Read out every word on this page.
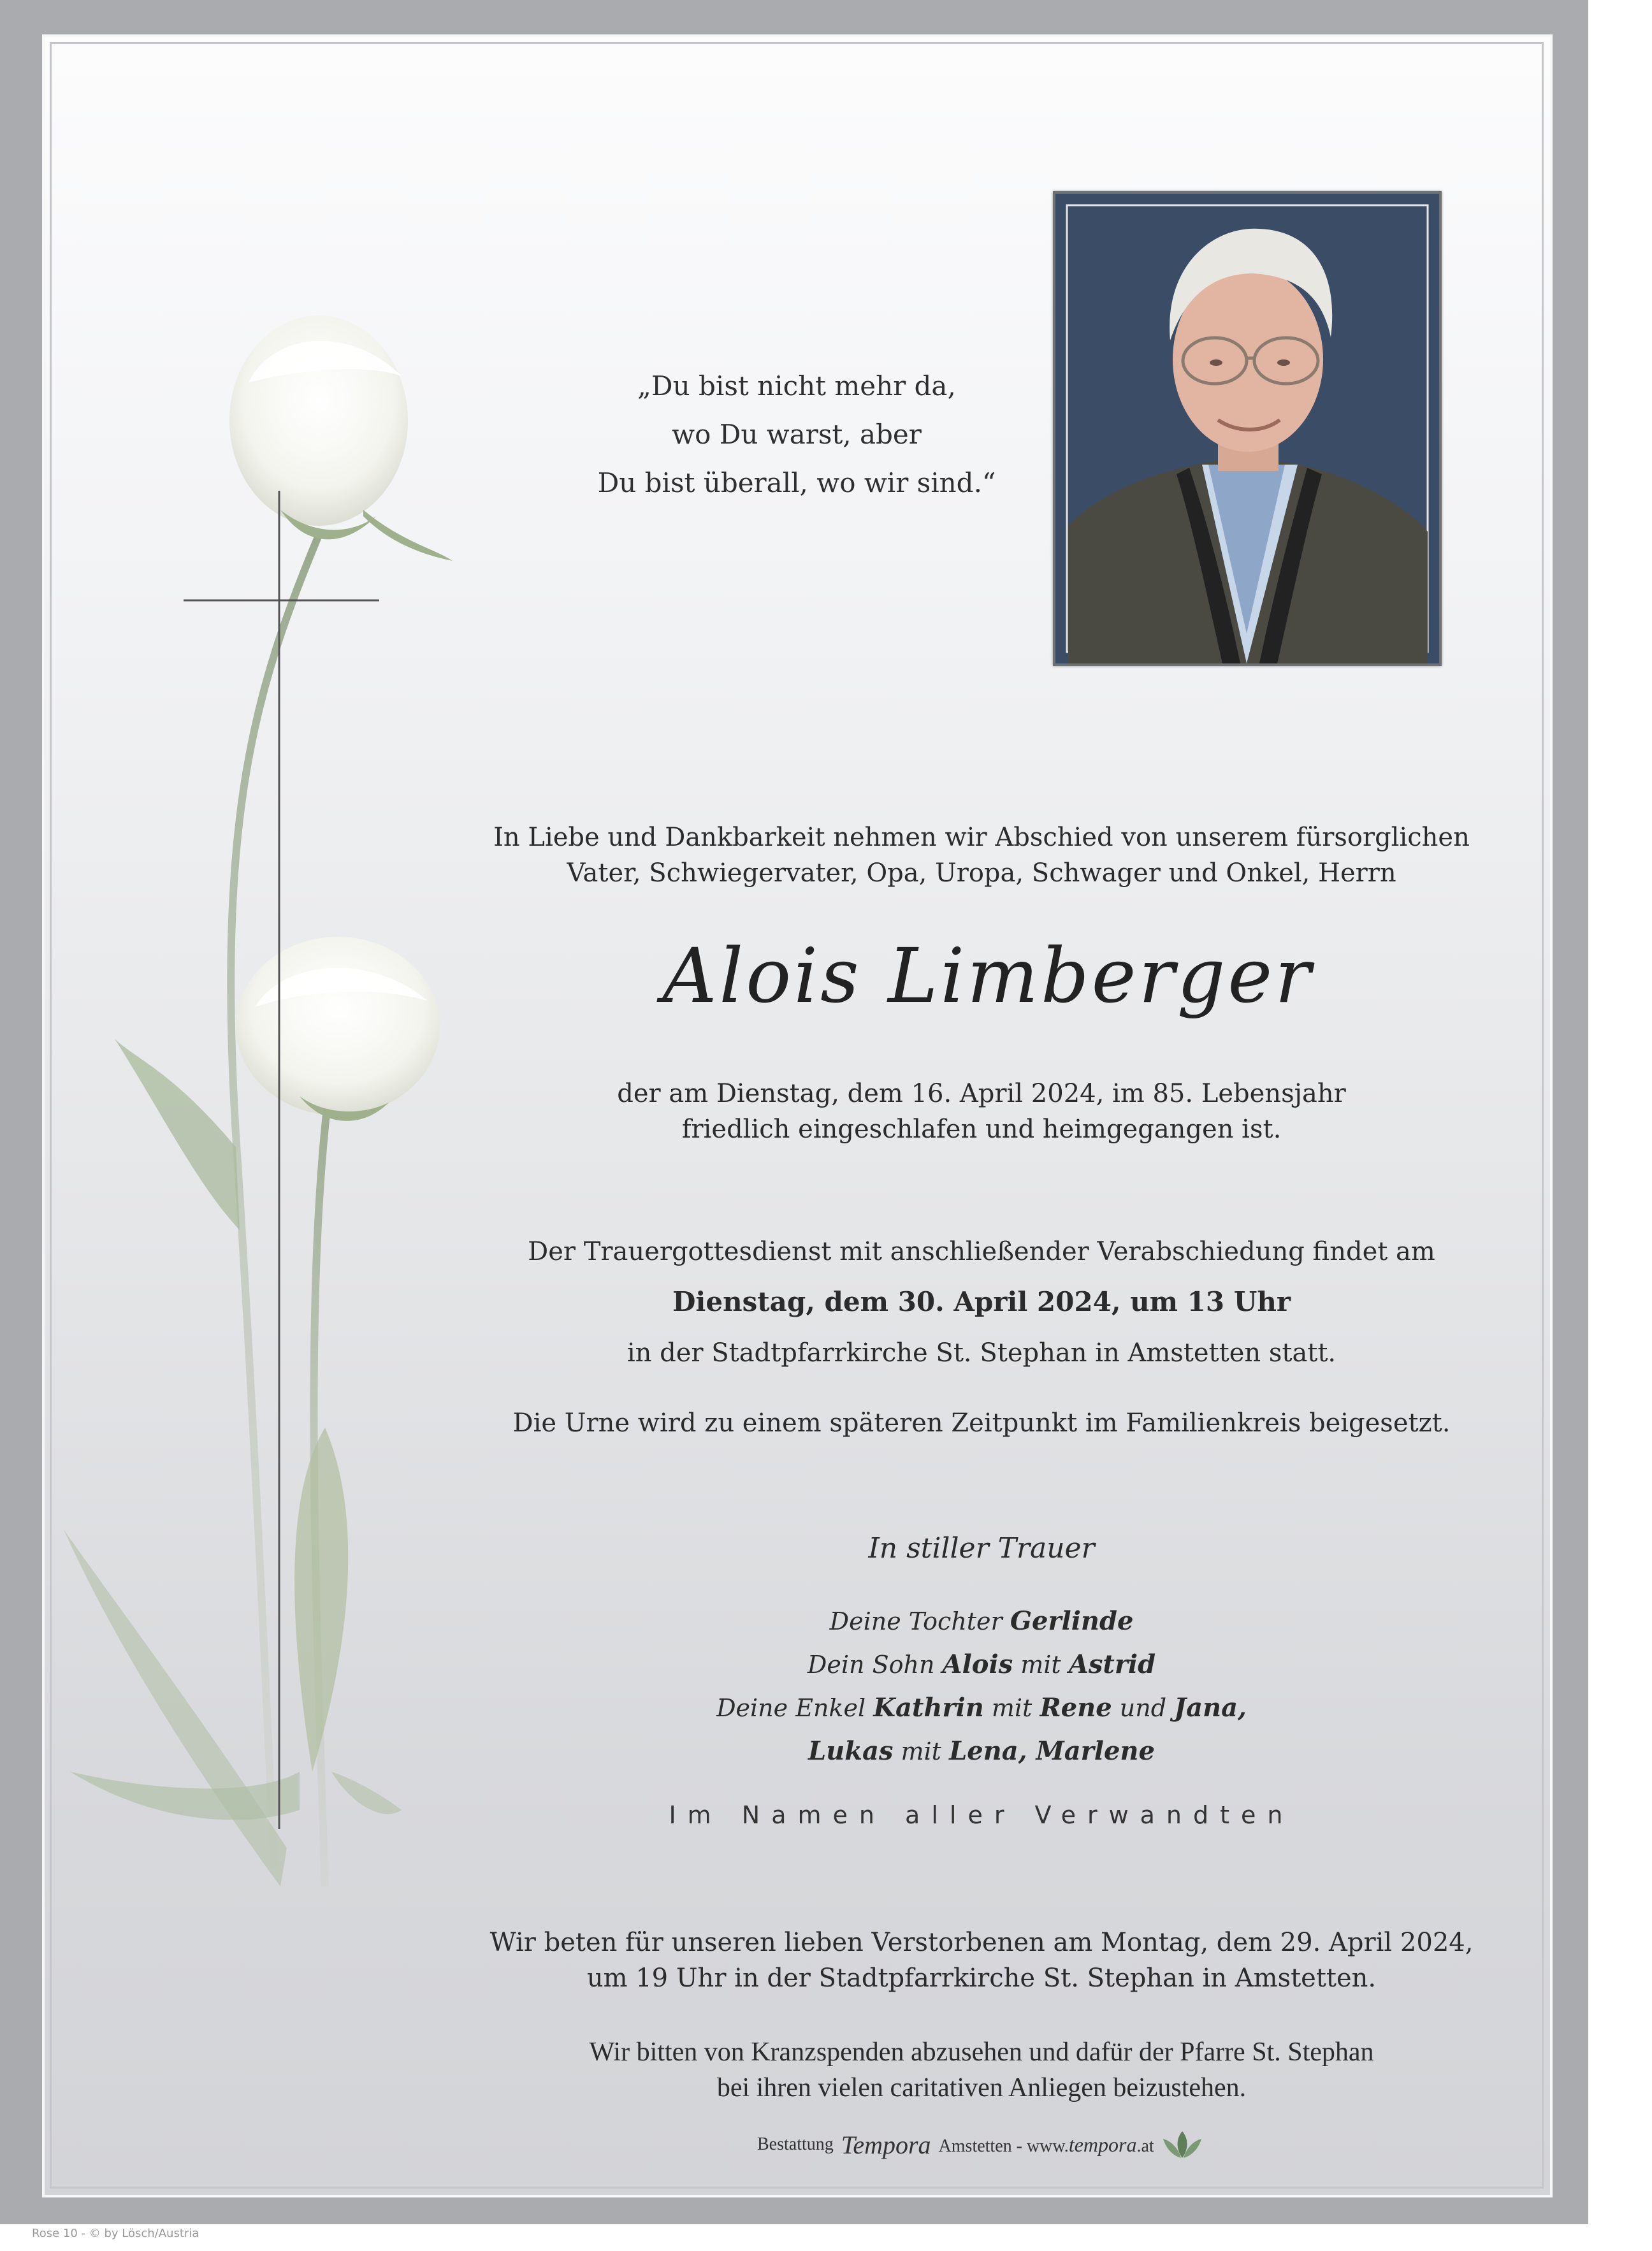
„Du bist nicht mehr da,
wo Du warst, aber
Du bist überall, wo wir sind.“
In Liebe und Dankbarkeit nehmen wir Abschied von unserem fürsorglichen
Vater, Schwiegervater, Opa, Uropa, Schwager und Onkel, Herrn
Alois Limberger
der am Dienstag, dem 16. April 2024, im 85. Lebensjahr
friedlich eingeschlafen und heimgegangen ist.
Der Trauergottesdienst mit anschließender Verabschiedung findet am
Dienstag, dem 30. April 2024, um 13 Uhr
in der Stadtpfarrkirche St. Stephan in Amstetten statt.
Die Urne wird zu einem späteren Zeitpunkt im Familienkreis beigesetzt.
In stiller Trauer
Deine Tochter Gerlinde
Dein Sohn Alois mit Astrid
Deine Enkel Kathrin mit Rene und Jana,
Lukas mit Lena, Marlene
Im Namen aller Verwandten
Wir beten für unseren lieben Verstorbenen am Montag, dem 29. April 2024,
um 19 Uhr in der Stadtpfarrkirche St. Stephan in Amstetten.
Wir bitten von Kranzspenden abzusehen und dafür der Pfarre St. Stephan
bei ihren vielen caritativen Anliegen beizustehen.
Bestattung Tempora Amstetten - www.tempora.at
Rose 10 - © by Lösch/Austria
